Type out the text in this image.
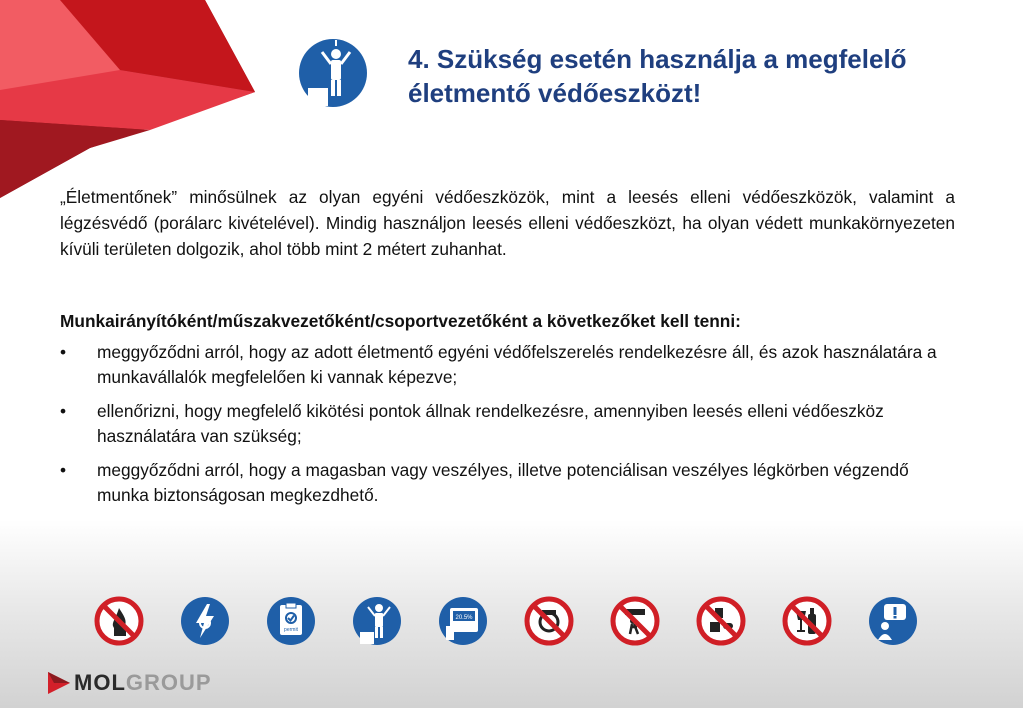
4. Szükség esetén használja a megfelelő életmentő védőeszközt!

„Életmentőnek” minősülnek az olyan egyéni védőeszközök, mint a leesés elleni védőeszközök, valamint a légzésvédő (porálarc kivételével). Mindig használjon leesés elleni védőeszközt, ha olyan védett munkakörnyezeten kívüli területen dolgozik, ahol több mint 2 métert zuhanhat.

Munkairányítóként/műszakvezetőként/csoportvezetőként a következőket kell tenni:

• meggyőződni arról, hogy az adott életmentő egyéni védőfelszerelés rendelkezésre áll, és azok használatára a munkavállalók megfelelően ki vannak képezve;
• ellenőrizni, hogy megfelelő kikötési pontok állnak rendelkezésre, amennyiben leesés elleni védőeszköz használatára van szükség;
• meggyőződni arról, hogy a magasban vagy veszélyes, illetve potenciálisan veszélyes légkörben végzendő munka biztonságosan megkezdhető.
permit
20.5%
MOL GROUP
